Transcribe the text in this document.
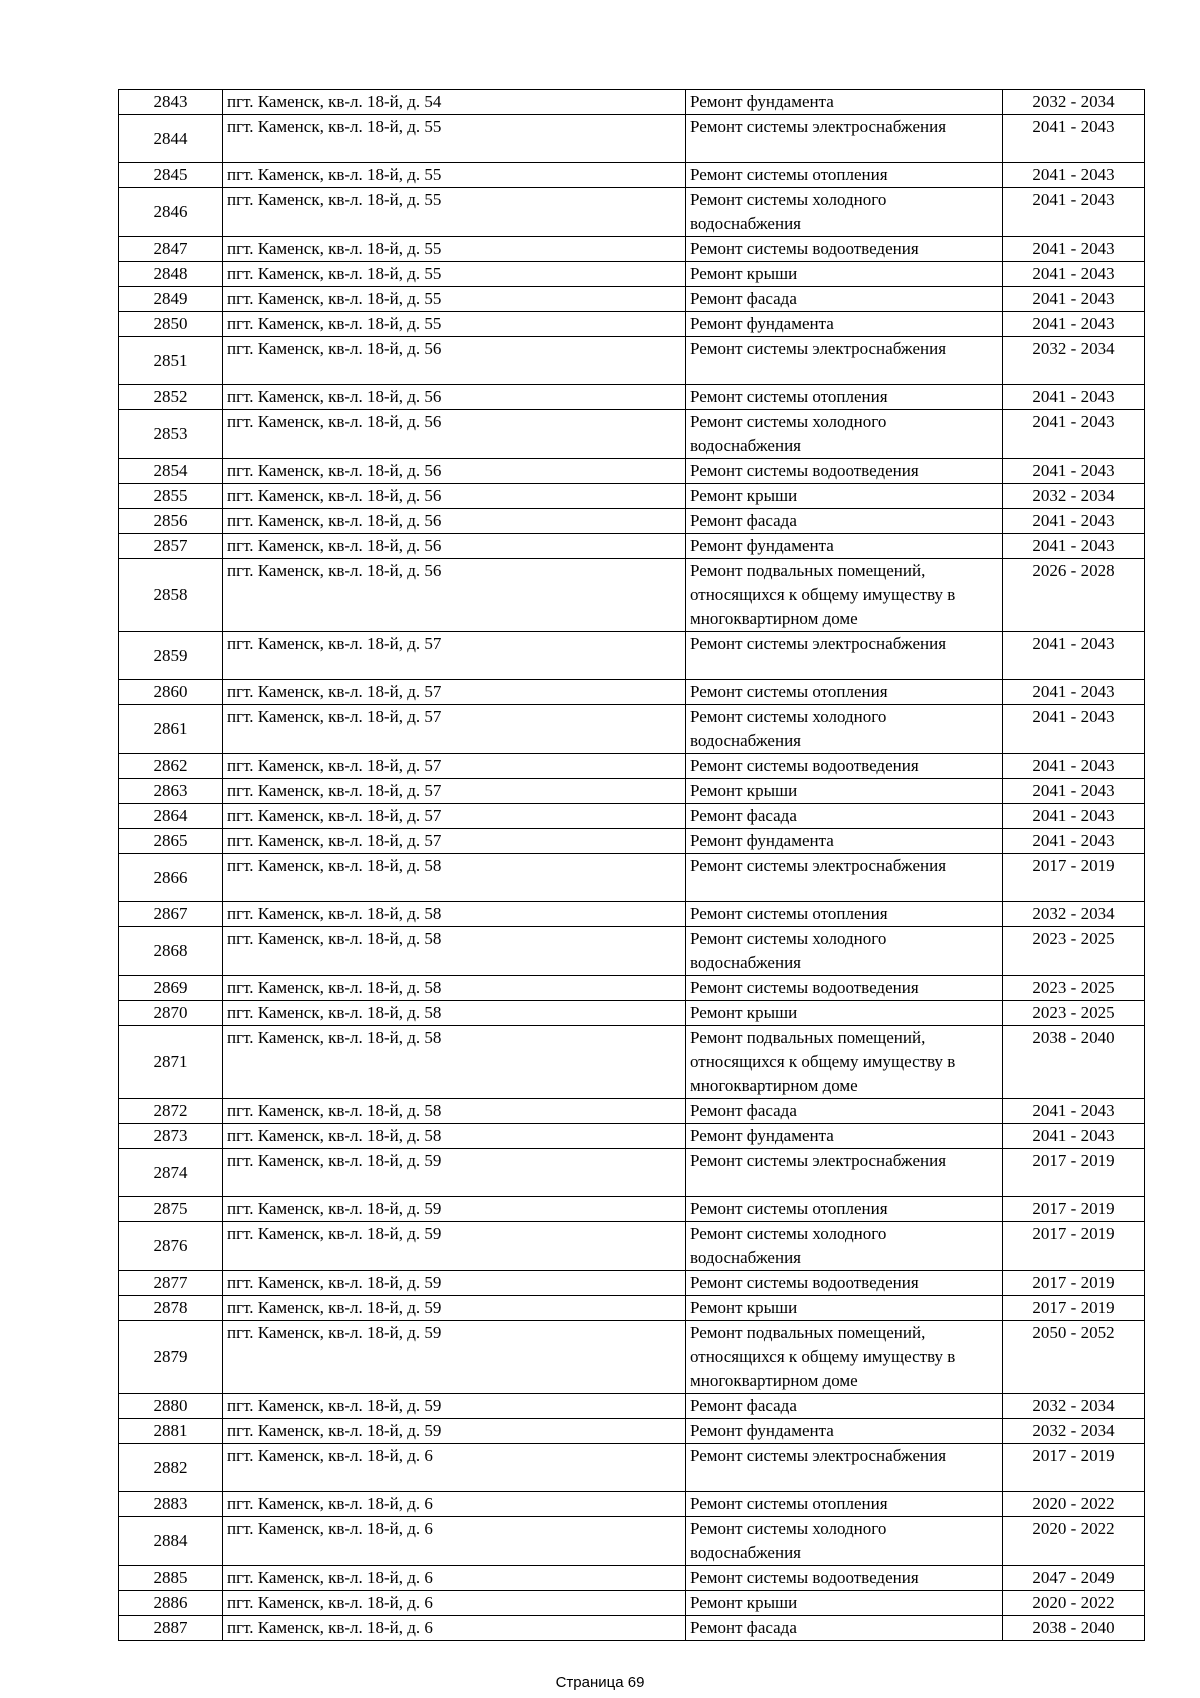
2843	пгт. Каменск, кв-л. 18-й, д. 54	Ремонт фундамента	2032 - 2034
2844	пгт. Каменск, кв-л. 18-й, д. 55	Ремонт системы электроснабжения	2041 - 2043
2845	пгт. Каменск, кв-л. 18-й, д. 55	Ремонт системы отопления	2041 - 2043
2846	пгт. Каменск, кв-л. 18-й, д. 55	Ремонт системы холодного водоснабжения	2041 - 2043
2847	пгт. Каменск, кв-л. 18-й, д. 55	Ремонт системы водоотведения	2041 - 2043
2848	пгт. Каменск, кв-л. 18-й, д. 55	Ремонт крыши	2041 - 2043
2849	пгт. Каменск, кв-л. 18-й, д. 55	Ремонт фасада	2041 - 2043
2850	пгт. Каменск, кв-л. 18-й, д. 55	Ремонт фундамента	2041 - 2043
2851	пгт. Каменск, кв-л. 18-й, д. 56	Ремонт системы электроснабжения	2032 - 2034
2852	пгт. Каменск, кв-л. 18-й, д. 56	Ремонт системы отопления	2041 - 2043
2853	пгт. Каменск, кв-л. 18-й, д. 56	Ремонт системы холодного водоснабжения	2041 - 2043
2854	пгт. Каменск, кв-л. 18-й, д. 56	Ремонт системы водоотведения	2041 - 2043
2855	пгт. Каменск, кв-л. 18-й, д. 56	Ремонт крыши	2032 - 2034
2856	пгт. Каменск, кв-л. 18-й, д. 56	Ремонт фасада	2041 - 2043
2857	пгт. Каменск, кв-л. 18-й, д. 56	Ремонт фундамента	2041 - 2043
2858	пгт. Каменск, кв-л. 18-й, д. 56	Ремонт подвальных помещений, относящихся к общему имуществу в многоквартирном доме	2026 - 2028
2859	пгт. Каменск, кв-л. 18-й, д. 57	Ремонт системы электроснабжения	2041 - 2043
2860	пгт. Каменск, кв-л. 18-й, д. 57	Ремонт системы отопления	2041 - 2043
2861	пгт. Каменск, кв-л. 18-й, д. 57	Ремонт системы холодного водоснабжения	2041 - 2043
2862	пгт. Каменск, кв-л. 18-й, д. 57	Ремонт системы водоотведения	2041 - 2043
2863	пгт. Каменск, кв-л. 18-й, д. 57	Ремонт крыши	2041 - 2043
2864	пгт. Каменск, кв-л. 18-й, д. 57	Ремонт фасада	2041 - 2043
2865	пгт. Каменск, кв-л. 18-й, д. 57	Ремонт фундамента	2041 - 2043
2866	пгт. Каменск, кв-л. 18-й, д. 58	Ремонт системы электроснабжения	2017 - 2019
2867	пгт. Каменск, кв-л. 18-й, д. 58	Ремонт системы отопления	2032 - 2034
2868	пгт. Каменск, кв-л. 18-й, д. 58	Ремонт системы холодного водоснабжения	2023 - 2025
2869	пгт. Каменск, кв-л. 18-й, д. 58	Ремонт системы водоотведения	2023 - 2025
2870	пгт. Каменск, кв-л. 18-й, д. 58	Ремонт крыши	2023 - 2025
2871	пгт. Каменск, кв-л. 18-й, д. 58	Ремонт подвальных помещений, относящихся к общему имуществу в многоквартирном доме	2038 - 2040
2872	пгт. Каменск, кв-л. 18-й, д. 58	Ремонт фасада	2041 - 2043
2873	пгт. Каменск, кв-л. 18-й, д. 58	Ремонт фундамента	2041 - 2043
2874	пгт. Каменск, кв-л. 18-й, д. 59	Ремонт системы электроснабжения	2017 - 2019
2875	пгт. Каменск, кв-л. 18-й, д. 59	Ремонт системы отопления	2017 - 2019
2876	пгт. Каменск, кв-л. 18-й, д. 59	Ремонт системы холодного водоснабжения	2017 - 2019
2877	пгт. Каменск, кв-л. 18-й, д. 59	Ремонт системы водоотведения	2017 - 2019
2878	пгт. Каменск, кв-л. 18-й, д. 59	Ремонт крыши	2017 - 2019
2879	пгт. Каменск, кв-л. 18-й, д. 59	Ремонт подвальных помещений, относящихся к общему имуществу в многоквартирном доме	2050 - 2052
2880	пгт. Каменск, кв-л. 18-й, д. 59	Ремонт фасада	2032 - 2034
2881	пгт. Каменск, кв-л. 18-й, д. 59	Ремонт фундамента	2032 - 2034
2882	пгт. Каменск, кв-л. 18-й, д. 6	Ремонт системы электроснабжения	2017 - 2019
2883	пгт. Каменск, кв-л. 18-й, д. 6	Ремонт системы отопления	2020 - 2022
2884	пгт. Каменск, кв-л. 18-й, д. 6	Ремонт системы холодного водоснабжения	2020 - 2022
2885	пгт. Каменск, кв-л. 18-й, д. 6	Ремонт системы водоотведения	2047 - 2049
2886	пгт. Каменск, кв-л. 18-й, д. 6	Ремонт крыши	2020 - 2022
2887	пгт. Каменск, кв-л. 18-й, д. 6	Ремонт фасада	2038 - 2040
Страница 69
